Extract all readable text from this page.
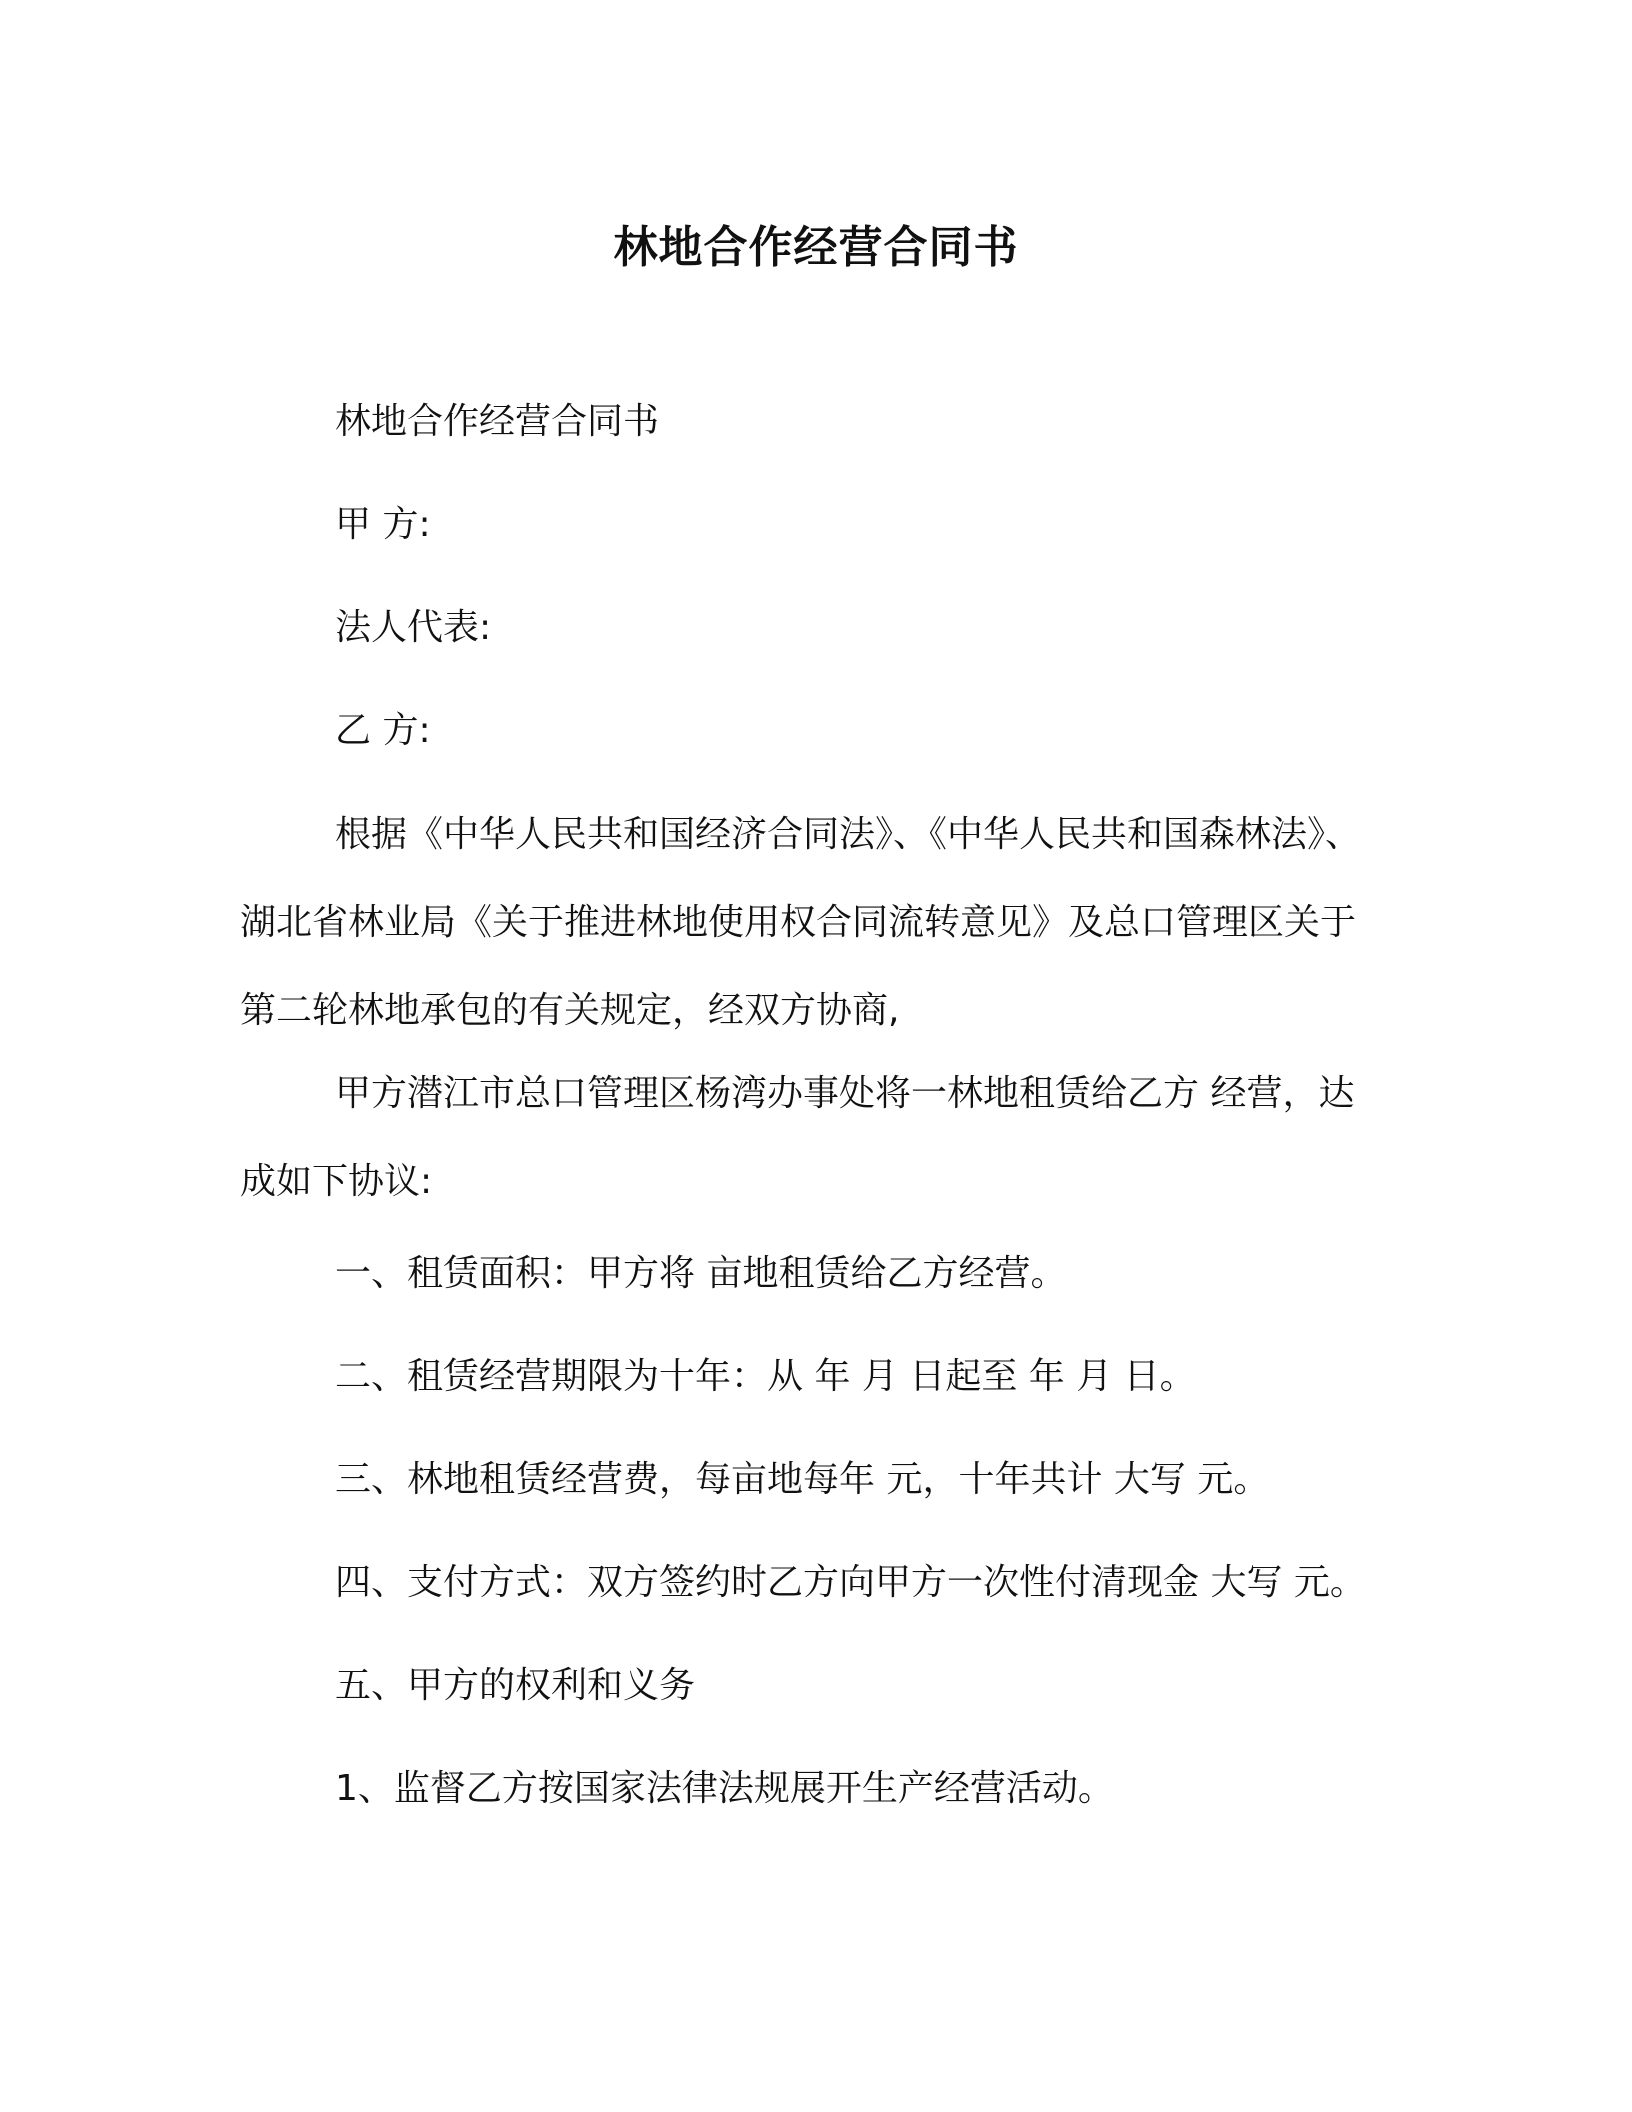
林地合作经营合同书

林地合作经营合同书

甲 方:

法人代表:

乙 方:

根据《中华人民共和国经济合同法》、《中华人民共和国森林法》、湖北省林业局《关于推进林地使用权合同流转意见》及总口管理区关于第二轮林地承包的有关规定，经双方协商,

甲方潜江市总口管理区杨湾办事处将一林地租赁给乙方 经营，达成如下协议:

一、租赁面积：甲方将 亩地租赁给乙方经营。

二、租赁经营期限为十年：从 年 月 日起至 年 月 日。

三、林地租赁经营费，每亩地每年 元，十年共计 大写 元。

四、支付方式：双方签约时乙方向甲方一次性付清现金 大写 元。

五、甲方的权利和义务

1、监督乙方按国家法律法规展开生产经营活动。
